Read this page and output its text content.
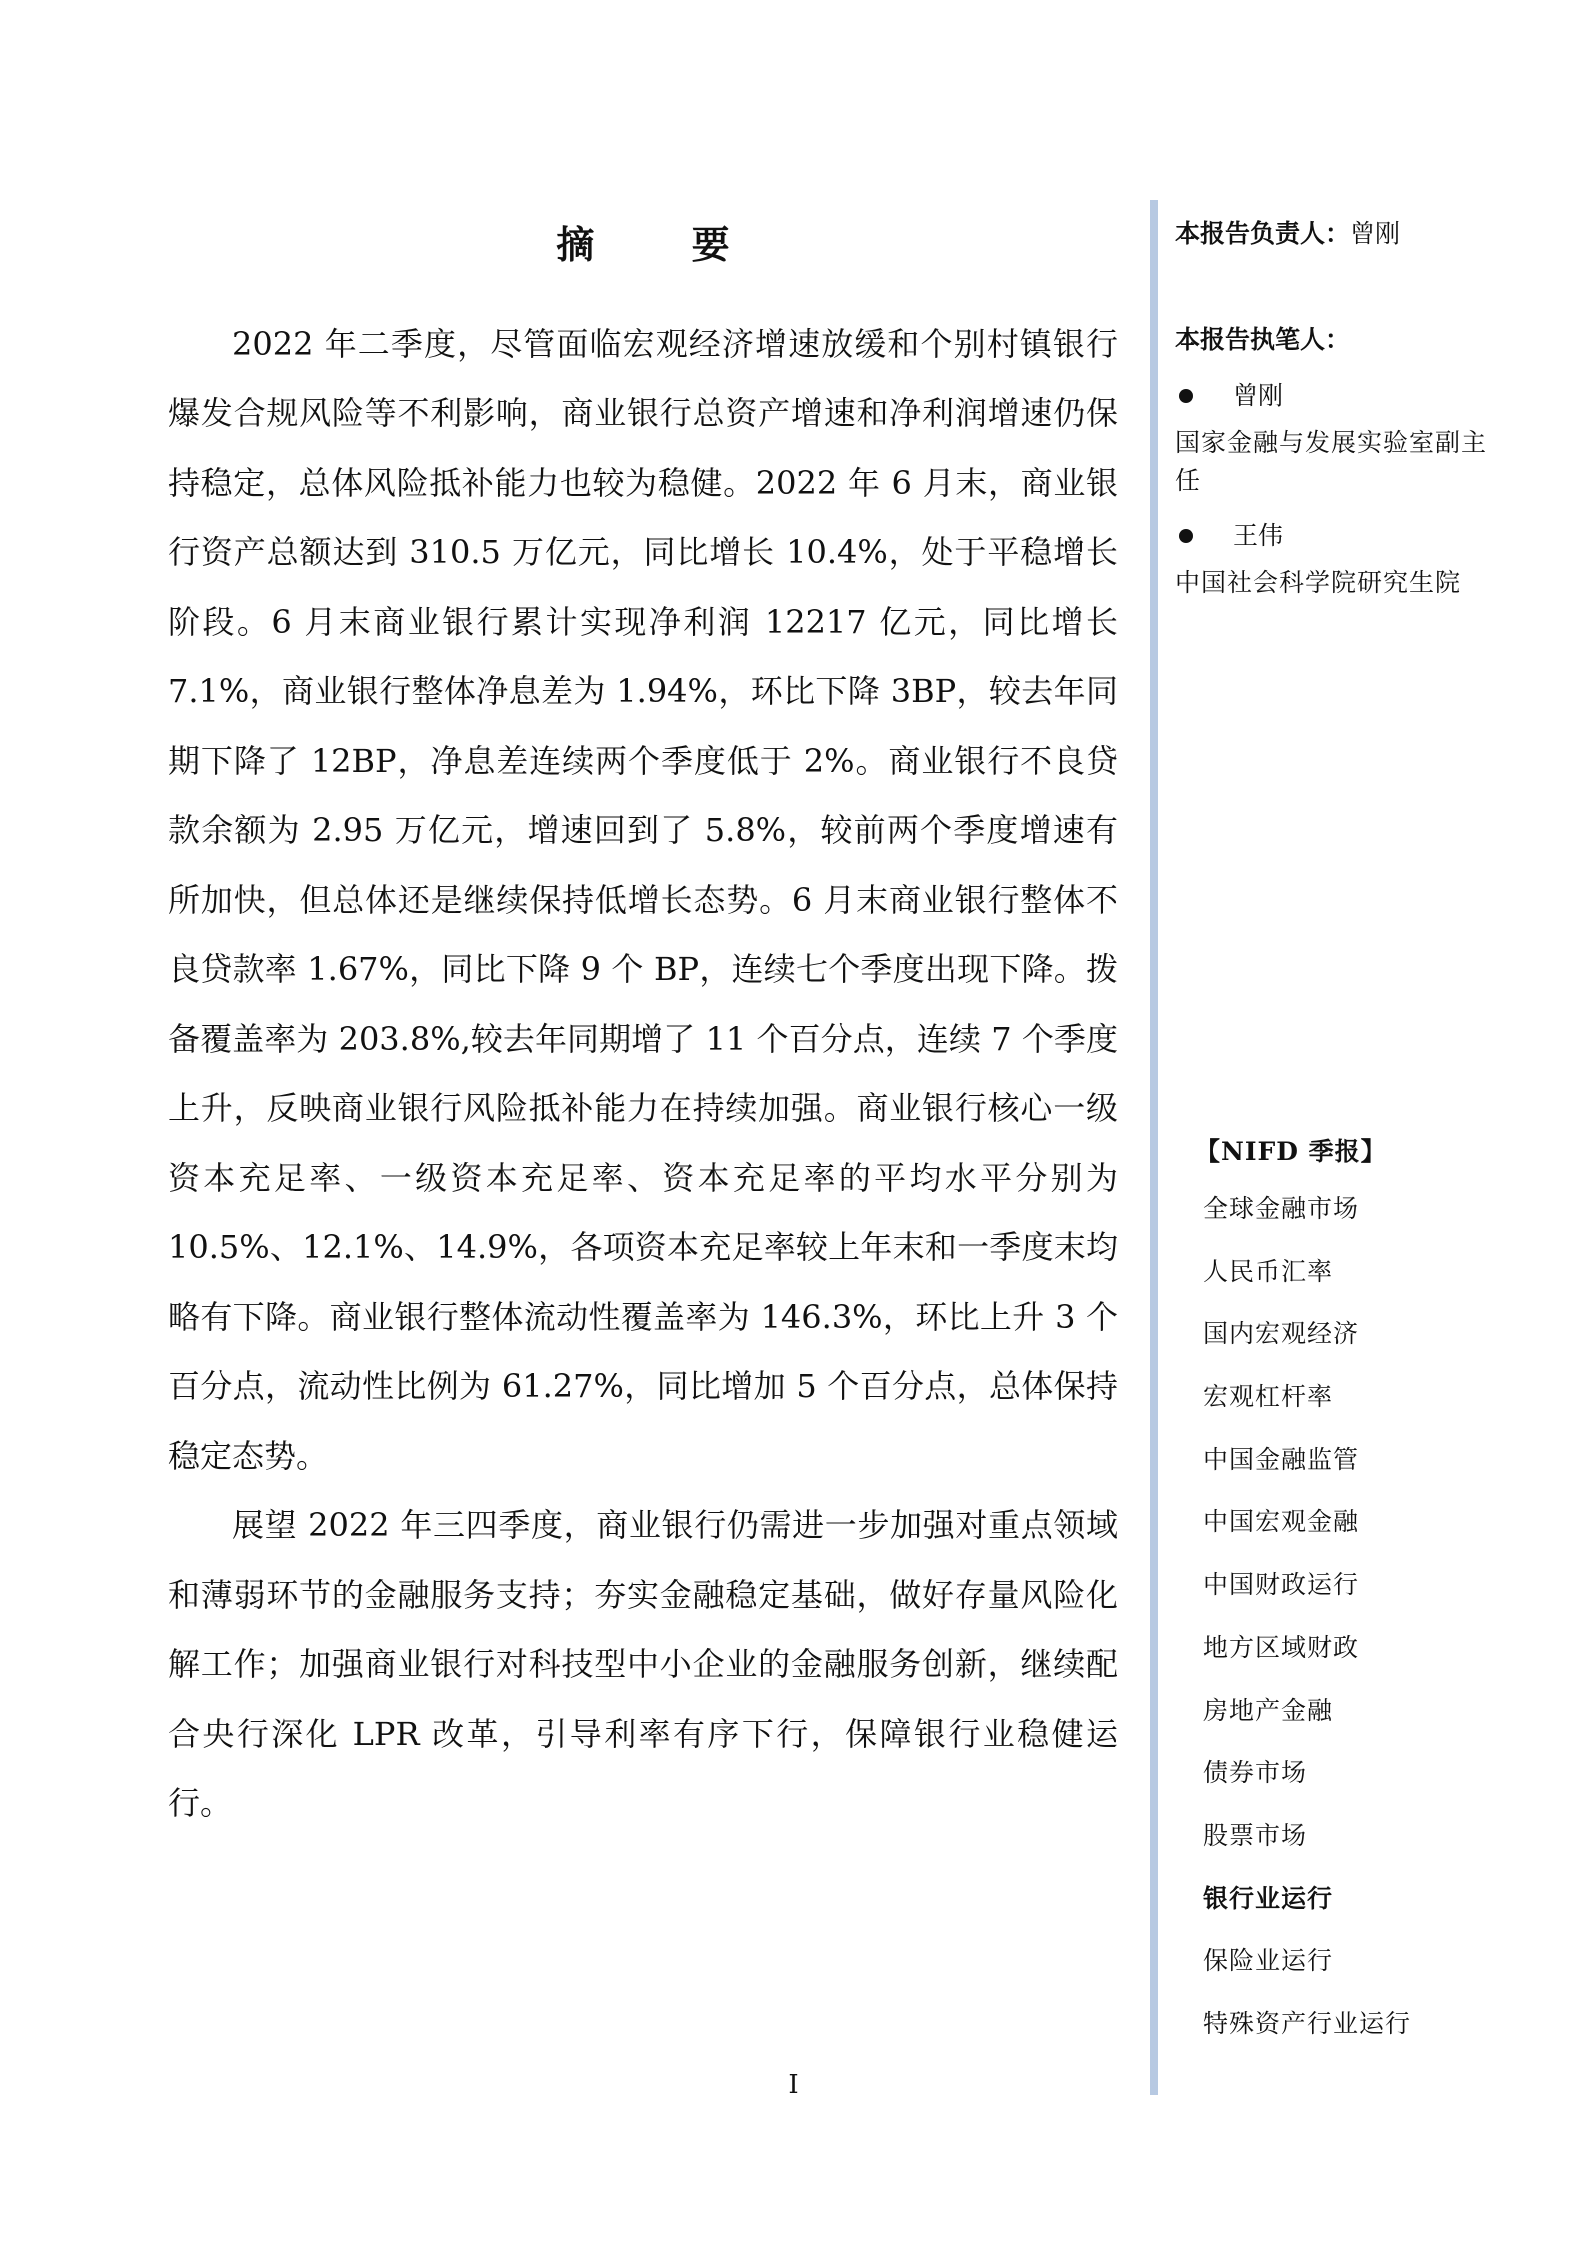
摘 要

2022 年二季度，尽管面临宏观经济增速放缓和个别村镇银行爆发合规风险等不利影响，商业银行总资产增速和净利润增速仍保持稳定，总体风险抵补能力也较为稳健。2022 年 6 月末，商业银行资产总额达到 310.5 万亿元，同比增长 10.4%，处于平稳增长阶段。6 月末商业银行累计实现净利润 12217 亿元，同比增长 7.1%，商业银行整体净息差为 1.94%，环比下降 3BP，较去年同期下降了 12BP，净息差连续两个季度低于 2%。商业银行不良贷款余额为 2.95 万亿元，增速回到了 5.8%，较前两个季度增速有所加快，但总体还是继续保持低增长态势。6 月末商业银行整体不良贷款率 1.67%，同比下降 9 个 BP，连续七个季度出现下降。拨备覆盖率为 203.8%,较去年同期增了 11 个百分点，连续 7 个季度上升，反映商业银行风险抵补能力在持续加强。商业银行核心一级资本充足率、一级资本充足率、资本充足率的平均水平分别为 10.5%、12.1%、14.9%，各项资本充足率较上年末和一季度末均略有下降。商业银行整体流动性覆盖率为 146.3%，环比上升 3 个百分点，流动性比例为 61.27%，同比增加 5 个百分点，总体保持稳定态势。

展望 2022 年三四季度，商业银行仍需进一步加强对重点领域和薄弱环节的金融服务支持；夯实金融稳定基础，做好存量风险化解工作；加强商业银行对科技型中小企业的金融服务创新，继续配合央行深化 LPR 改革，引导利率有序下行，保障银行业稳健运行。

本报告负责人：曾刚
本报告执笔人：
曾刚
国家金融与发展实验室副主任
王伟
中国社会科学院研究生院
【NIFD 季报】
全球金融市场
人民币汇率
国内宏观经济
宏观杠杆率
中国金融监管
中国宏观金融
中国财政运行
地方区域财政
房地产金融
债券市场
股票市场
银行业运行
保险业运行
特殊资产行业运行
I
